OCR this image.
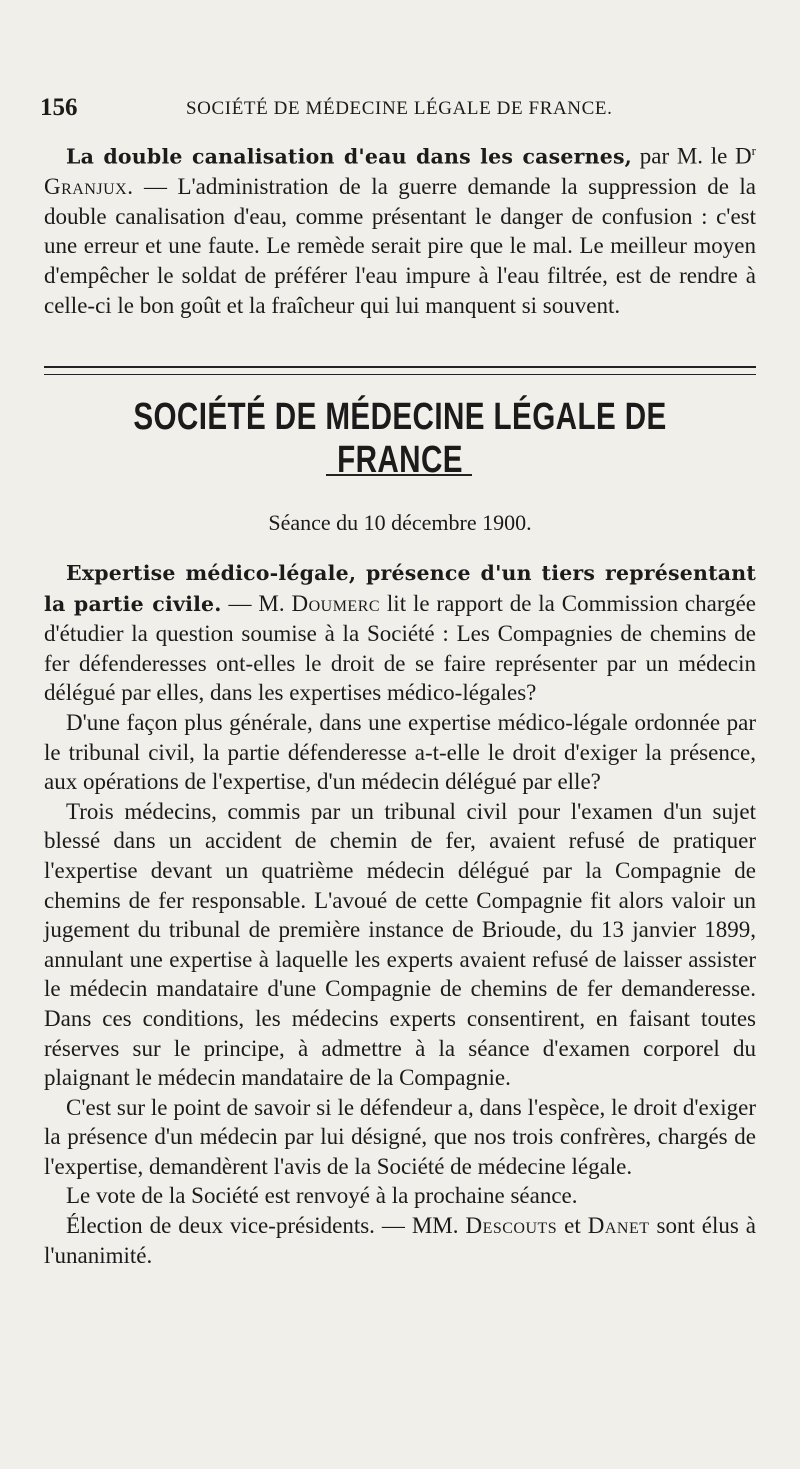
156	SOCIÉTÉ DE MÉDECINE LÉGALE DE FRANCE.

La double canalisation d'eau dans les casernes, par M. le $D^r$ Granjux. — L'administration de la guerre demande la suppression de la double canalisation d'eau, comme présentant le danger de confusion : c'est une erreur et une faute. Le remède serait pire que le mal. Le meilleur moyen d'empêcher le soldat de préférer l'eau impure à l'eau filtrée, est de rendre à celle-ci le bon goût et la fraîcheur qui lui manquent si souvent.

SOCIÉTÉ DE MÉDECINE LÉGALE DE FRANCE
Séance du 10 décembre 1900.

Expertise médico-légale, présence d'un tiers représentant la partie civile. — M. Doumerc lit le rapport de la Commission chargée d'étudier la question soumise à la Société : Les Compagnies de chemins de fer défenderesses ont-elles le droit de se faire représenter par un médecin délégué par elles, dans les expertises médico-légales?

D'une façon plus générale, dans une expertise médico-légale ordonnée par le tribunal civil, la partie défenderesse a-t-elle le droit d'exiger la présence, aux opérations de l'expertise, d'un médecin délégué par elle?

Trois médecins, commis par un tribunal civil pour l'examen d'un sujet blessé dans un accident de chemin de fer, avaient refusé de pratiquer l'expertise devant un quatrième médecin délégué par la Compagnie de chemins de fer responsable. L'avoué de cette Compagnie fit alors valoir un jugement du tribunal de première instance de Brioude, du 13 janvier 1899, annulant une expertise à laquelle les experts avaient refusé de laisser assister le médecin mandataire d'une Compagnie de chemins de fer demanderesse. Dans ces conditions, les médecins experts consentirent, en faisant toutes réserves sur le principe, à admettre à la séance d'examen corporel du plaignant le médecin mandataire de la Compagnie.

C'est sur le point de savoir si le défendeur a, dans l'espèce, le droit d'exiger la présence d'un médecin par lui désigné, que nos trois confrères, chargés de l'expertise, demandèrent l'avis de la Société de médecine légale.

Le vote de la Société est renvoyé à la prochaine séance.

Élection de deux vice-présidents. — MM. Descouts et Danet sont élus à l'unanimité.
